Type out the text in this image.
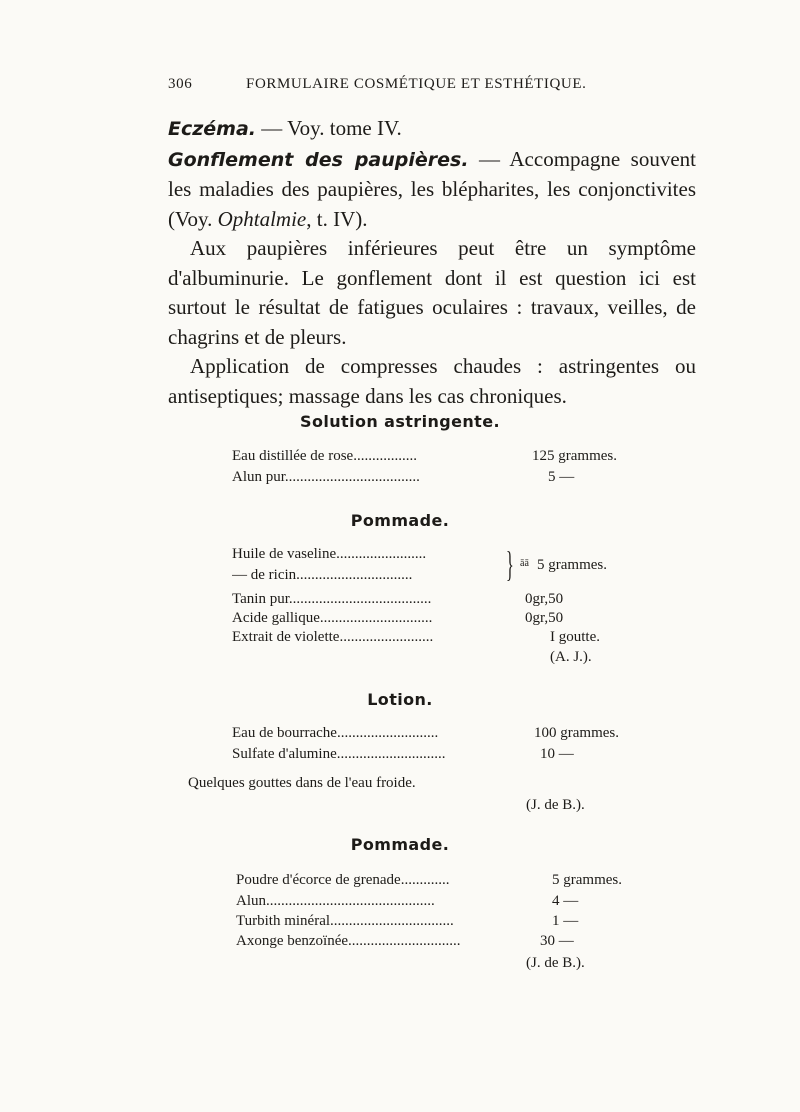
306	FORMULAIRE COSMÉTIQUE ET ESTHÉTIQUE.

Eczéma. — Voy. tome IV.

Gonflement des paupières. — Accompagne souvent les maladies des paupières, les blépharites, les conjonctivites (Voy. Ophtalmie, t. IV).

Aux paupières inférieures peut être un symptôme d'albuminurie. Le gonflement dont il est question ici est surtout le résultat de fatigues oculaires : travaux, veilles, de chagrins et de pleurs.

Application de compresses chaudes : astringentes ou antiseptiques; massage dans les cas chroniques.

Solution astringente.
Eau distillée de rose.................	125 grammes.
Alun pur....................................	5 —
Pommade.
Huile de vaseline........................
— de ricin...............................	} āā 5 grammes.
Tanin pur......................................	0gr,50
Acide gallique..............................	0gr,50
Extrait de violette.........................	I goutte.
(A. J.).
Lotion.
Eau de bourrache...........................	100 grammes.
Sulfate d'alumine.............................	10 —
Quelques gouttes dans de l'eau froide.
(J. de B.).
Pommade.
Poudre d'écorce de grenade.............	5 grammes.
Alun.............................................	4 —
Turbith minéral.................................	1 —
Axonge benzoïnée..............................	30 —
(J. de B.).
